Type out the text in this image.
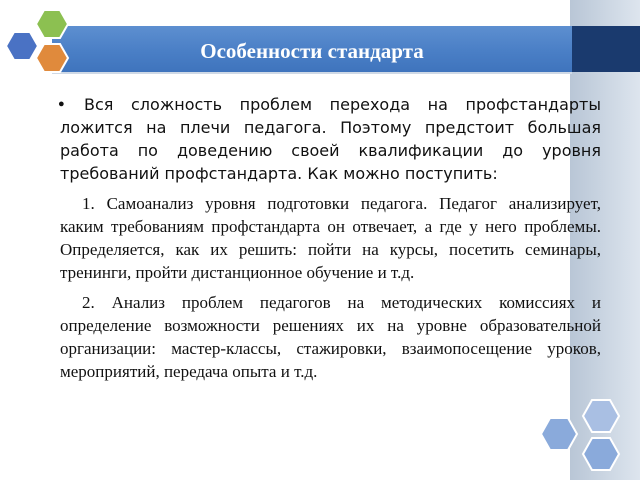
Особенности стандарта

●	Вся сложность проблем перехода на профстандарты ложится на плечи педагога. Поэтому предстоит большая работа по доведению своей квалификации до уровня требований профстандарта. Как можно поступить:

1. Самоанализ уровня подготовки педагога. Педагог анализирует, каким требованиям профстандарта он отвечает, а где у него проблемы. Определяется, как их решить: пойти на курсы, посетить семинары, тренинги, пройти дистанционное обучение и т.д.

2. Анализ проблем педагогов на методических комиссиях и определение возможности решениях их на уровне образовательной организации: мастер-классы, стажировки, взаимопосещение уроков, мероприятий, передача опыта и т.д.
